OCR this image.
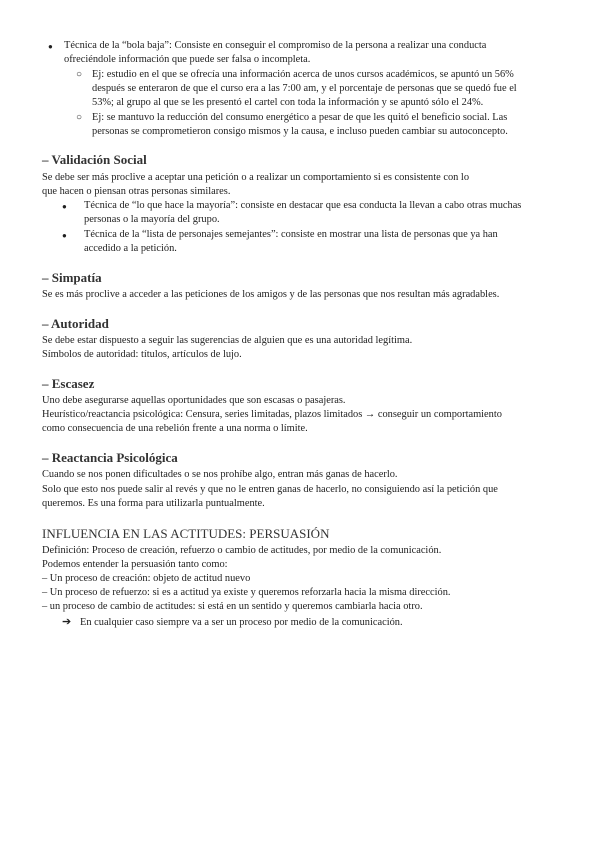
● Técnica de la “bola baja”: Consiste en conseguir el compromiso de la persona a realizar una conducta
ofreciéndole información que puede ser falsa o incompleta.
○ Ej: estudio en el que se ofrecía una información acerca de unos cursos académicos, se apuntó un 56%
después se enteraron de que el curso era a las 7:00 am, y el porcentaje de personas que se quedó fue el
53%; al grupo al que se les presentó el cartel con toda la información y se apuntó sólo el 24%.
○ Ej: se mantuvo la reducción del consumo energético a pesar de que les quitó el beneficio social. Las
personas se comprometieron consigo mismos y la causa, e incluso pueden cambiar su autoconcepto.
– Validación Social
Se debe ser más proclive a aceptar una petición o a realizar un comportamiento si es consistente con lo
que hacen o piensan otras personas similares.
● Técnica de “lo que hace la mayoría”: consiste en destacar que esa conducta la llevan a cabo otras muchas
personas o la mayoría del grupo.
● Técnica de la “lista de personajes semejantes”: consiste en mostrar una lista de personas que ya han
accedido a la petición.
– Simpatía
Se es más proclive a acceder a las peticiones de los amigos y de las personas que nos resultan más agradables.
– Autoridad
Se debe estar dispuesto a seguir las sugerencias de alguien que es una autoridad legítima.
Símbolos de autoridad: títulos, artículos de lujo.
– Escasez
Uno debe asegurarse aquellas oportunidades que son escasas o pasajeras.
Heurístico/reactancia psicológica: Censura, series limitadas, plazos limitados → conseguir un comportamiento
como consecuencia de una rebelión frente a una norma o límite.
– Reactancia Psicológica
Cuando se nos ponen dificultades o se nos prohíbe algo, entran más ganas de hacerlo.
Solo que esto nos puede salir al revés y que no le entren ganas de hacerlo, no consiguiendo así la petición que
queremos. Es una forma para utilizarla puntualmente.
INFLUENCIA EN LAS ACTITUDES: PERSUASIÓN
Definición: Proceso de creación, refuerzo o cambio de actitudes, por medio de la comunicación.
Podemos entender la persuasión tanto como:
– Un proceso de creación: objeto de actitud nuevo
– Un proceso de refuerzo: si es a actitud ya existe y queremos reforzarla hacia la misma dirección.
– un proceso de cambio de actitudes: si está en un sentido y queremos cambiarla hacia otro.
➔ En cualquier caso siempre va a ser un proceso por medio de la comunicación.
